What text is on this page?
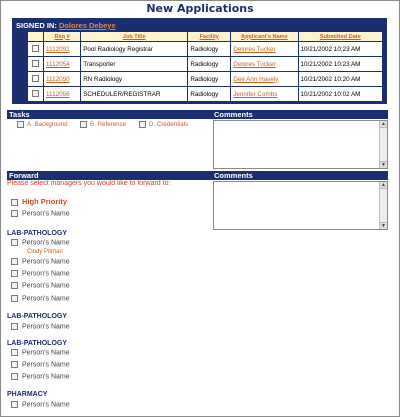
New Applications
SIGNED IN: Dolores Debeye
	Req #	Job Title	Facility	Applicant's Name	Submitted Date
	1112092	Pool Radiology Registrar	Radiology	Delores Tucker	10/21/2002 10:23 AM
	1112054	Transporter	Radiology	Delores Tucker	10/21/2002 10:23 AM
	1112050	RN Radiology	Radiology	Dee Ann Havely	10/21/2002 10:20 AM
	1112056	SCHEDULER/REGISTRAR	Radiology	Jennifer Combs	10/21/2002 10:02 AM
Tasks	Comments
A. Background	B. Reference	D. Credentials	▲
▼
Forward	Comments
Please select managers you would like to forward to:	▲
▼
High Priority
Person's Name
LAB-PATHOLOGY
Person's Name
Cindy Pitman
Person's Name
Person's Name
Person's Name
Person's Name
LAB-PATHOLOGY
Person's Name
LAB-PATHOLOGY
Person's Name
Person's Name
Person's Name
PHARMACY
Person's Name
